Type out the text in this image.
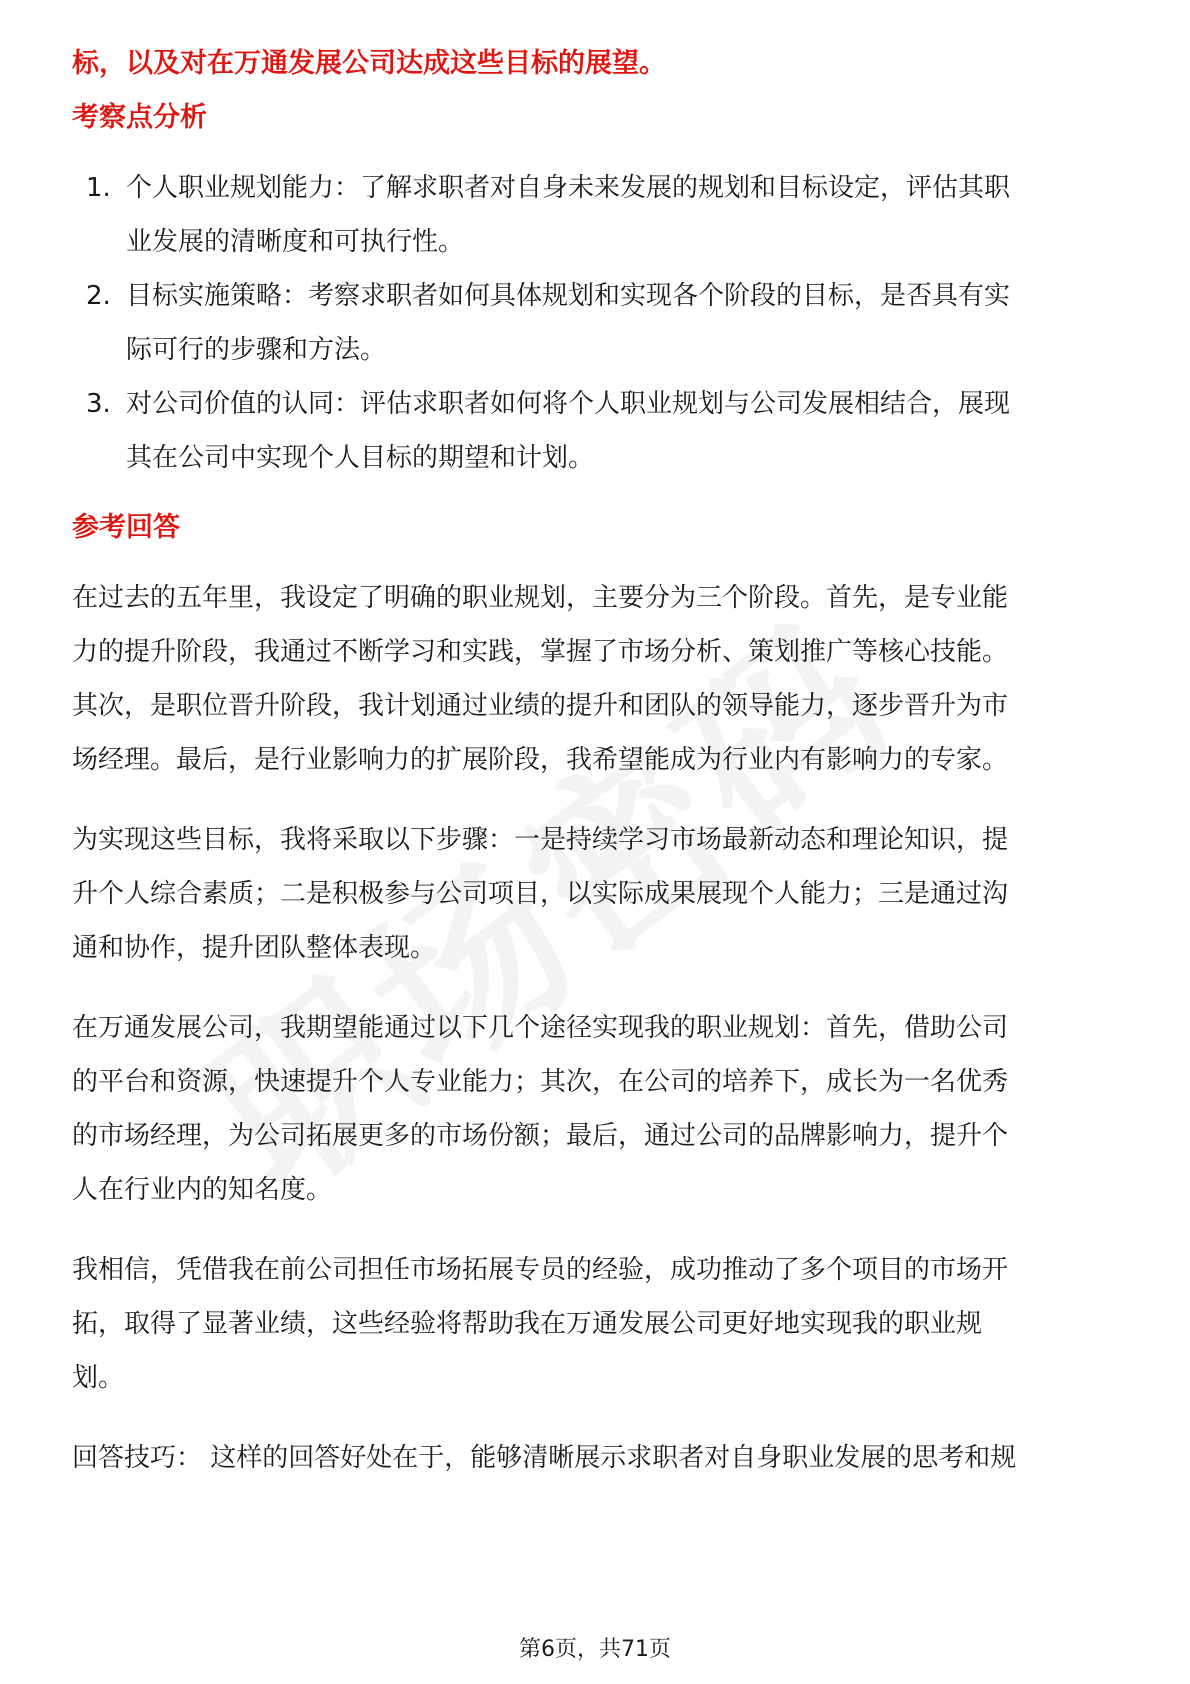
标，以及对在万通发展公司达成这些目标的展望。
考察点分析
1. 个人职业规划能力：了解求职者对自身未来发展的规划和目标设定，评估其职
业发展的清晰度和可执行性。
2. 目标实施策略：考察求职者如何具体规划和实现各个阶段的目标，是否具有实
际可行的步骤和方法。
3. 对公司价值的认同：评估求职者如何将个人职业规划与公司发展相结合，展现
其在公司中实现个人目标的期望和计划。
参考回答
在过去的五年里，我设定了明确的职业规划，主要分为三个阶段。首先，是专业能
力的提升阶段，我通过不断学习和实践，掌握了市场分析、策划推广等核心技能。
其次，是职位晋升阶段，我计划通过业绩的提升和团队的领导能力，逐步晋升为市
场经理。最后，是行业影响力的扩展阶段，我希望能成为行业内有影响力的专家。
为实现这些目标，我将采取以下步骤：一是持续学习市场最新动态和理论知识，提
升个人综合素质；二是积极参与公司项目，以实际成果展现个人能力；三是通过沟
通和协作，提升团队整体表现。
在万通发展公司，我期望能通过以下几个途径实现我的职业规划：首先，借助公司
的平台和资源，快速提升个人专业能力；其次，在公司的培养下，成长为一名优秀
的市场经理，为公司拓展更多的市场份额；最后，通过公司的品牌影响力，提升个
人在行业内的知名度。
我相信，凭借我在前公司担任市场拓展专员的经验，成功推动了多个项目的市场开
拓，取得了显著业绩，这些经验将帮助我在万通发展公司更好地实现我的职业规
划。
回答技巧： 这样的回答好处在于，能够清晰展示求职者对自身职业发展的思考和规
第6页，共71页
